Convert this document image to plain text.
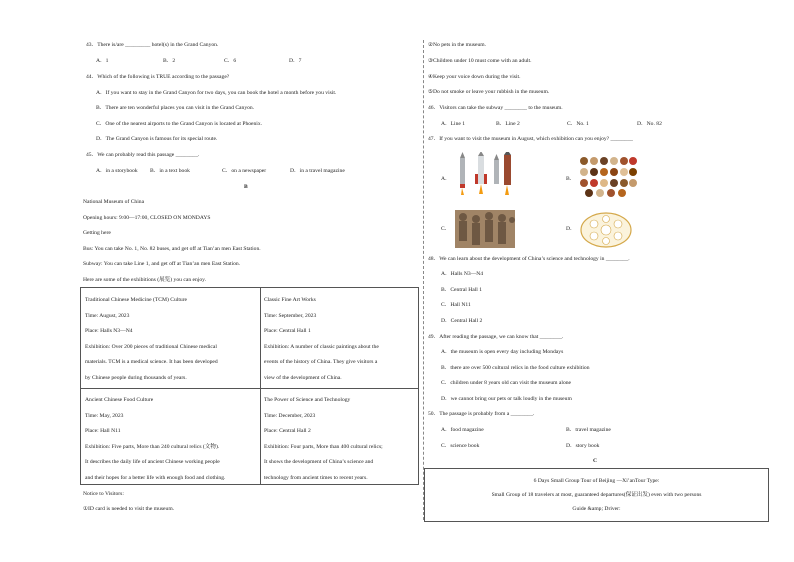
43．There is/are _________ hotel(s) in the Grand Canyon.
A．1	B．2	C．6	D．7
44．Which of the following is TRUE according to the passage?
A．If you want to stay in the Grand Canyon for two days, you can book the hotel a month before you visit.
B．There are ten wonderful places you can visit in the Grand Canyon.
C．One of the nearest airports to the Grand Canyon is located at Phoenix.
D．The Grand Canyon is famous for its special route.
45．We can probably read this passage ________.
A．in a storybook B．in a text book	C．on a newspaper	D．in a travel magazine
B
National Museum of China
Opening hours: 9:00—17:00, CLOSED ON MONDAYS
Getting here
Bus: You can take No. 1, No. 82 buses, and get off at Tian’an men East Station.
Subway: You can take Line 1, and get off at Tian’an men East Station.
Here are some of the exhibitions (展览) you can enjoy.
Traditional Chinese Medicine (TCM) Culture
Time: August, 2023
Place: Halls N3—N4
Exhibition: Over 200 pieces of traditional Chinese medical
materials. TCM is a medical science. It has been developed
by Chinese people during thousands of years.
Classic Fine Art Works
Time: September, 2023
Place: Central Hall 1
Exhibition: A number of classic paintings about the
events of the history of China. They give visitors a
view of the development of China.
Ancient Chinese Food Culture
Time: May, 2023
Place: Hall N11
Exhibition: Five parts, More than 240 cultural relics (文物).
It describes the daily life of ancient Chinese working people
and their hopes for a better life with enough food and clothing.
The Power of Science and Technology
Time: December, 2023
Place: Central Hall 2
Exhibition: Four parts, More than 400 cultural relics;
It shows the development of China’s science and
technology from ancient times to recent years.
Notice to Visitors:
①ID card is needed to visit the museum.
②No pets in the museum.
③Children under 10 must come with an adult.
④Keep your voice down during the visit.
⑤Do not smoke or leave your rubbish in the museum.
46．Visitors can take the subway ________ to the museum.
A．Line 1	B．Line 2	C．No. 1	D．No. 82
47．If you want to visit the museum in August, which exhibition can you enjoy? ________
A．	B．
C．	D．
48．We can learn about the development of China’s science and technology in ________.
A．Halls N3—N4
B．Central Hall 1
C．Hall N11
D．Central Hall 2
49．After reading the passage, we can know that ________.
A．the museum is open every day including Mondays
B．there are over 500 cultural relics in the food culture exhibition
C．children under 8 years old can visit the museum alone
D．we cannot bring our pets or talk loudly in the museum
50．The passage is probably from a ________.
A．food magazine	B．travel magazine
C．science book	D．story book
C
6 Days Small Group Tour of Beijing —Xi’anTour Type:
Small Group of 18 travelers at most, guaranteed departures(保证出发) even with two persons
Guide &amp; Driver:
